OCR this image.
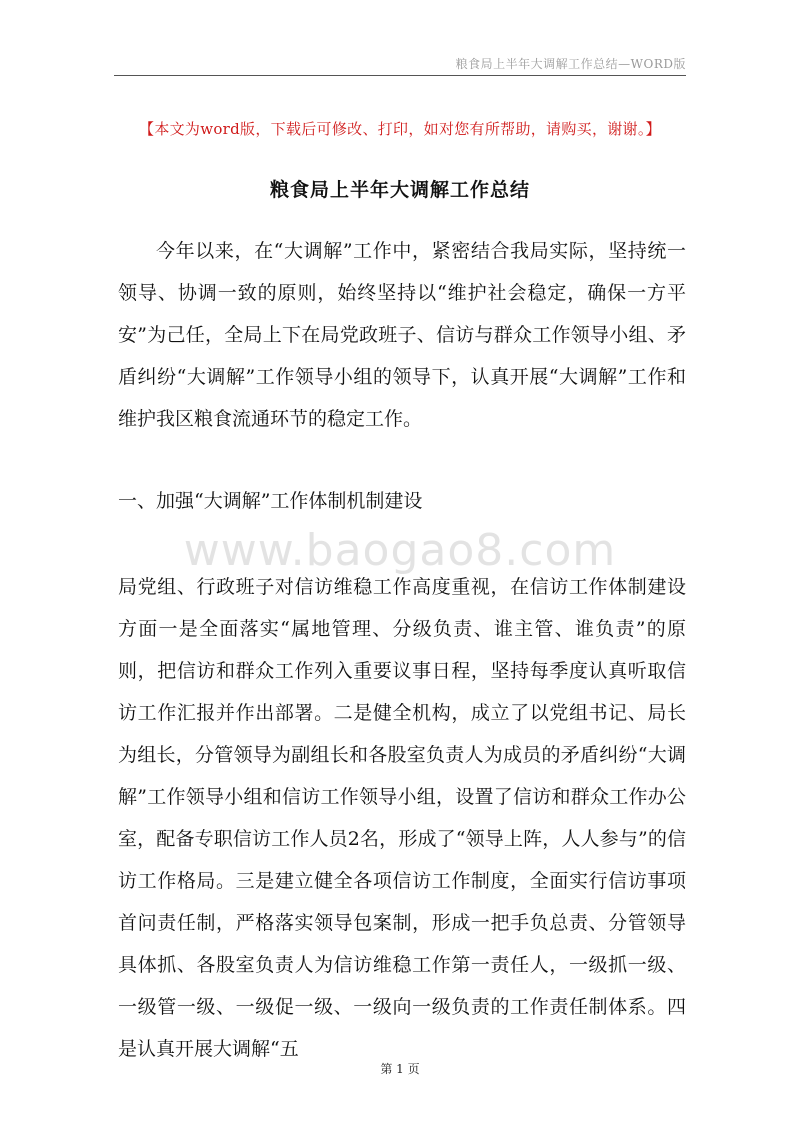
粮食局上半年大调解工作总结—WORD版
【本文为word版，下载后可修改、打印，如对您有所帮助，请购买，谢谢。】
粮食局上半年大调解工作总结

今年以来，在“大调解”工作中，紧密结合我局实际，坚持统一领导、协调一致的原则，始终坚持以“维护社会稳定，确保一方平安”为己任，全局上下在局党政班子、信访与群众工作领导小组、矛盾纠纷“大调解”工作领导小组的领导下，认真开展“大调解”工作和维护我区粮食流通环节的稳定工作。

一、加强“大调解”工作体制机制建设

www.baogao8.com

局党组、行政班子对信访维稳工作高度重视，在信访工作体制建设方面一是全面落实“属地管理、分级负责、谁主管、谁负责”的原则，把信访和群众工作列入重要议事日程，坚持每季度认真听取信访工作汇报并作出部署。二是健全机构，成立了以党组书记、局长为组长，分管领导为副组长和各股室负责人为成员的矛盾纠纷“大调解”工作领导小组和信访工作领导小组，设置了信访和群众工作办公室，配备专职信访工作人员2名，形成了“领导上阵，人人参与”的信访工作格局。三是建立健全各项信访工作制度，全面实行信访事项首问责任制，严格落实领导包案制，形成一把手负总责、分管领导具体抓、各股室负责人为信访维稳工作第一责任人，一级抓一级、一级管一级、一级促一级、一级向一级负责的工作责任制体系。四是认真开展大调解“五

第 1 页
